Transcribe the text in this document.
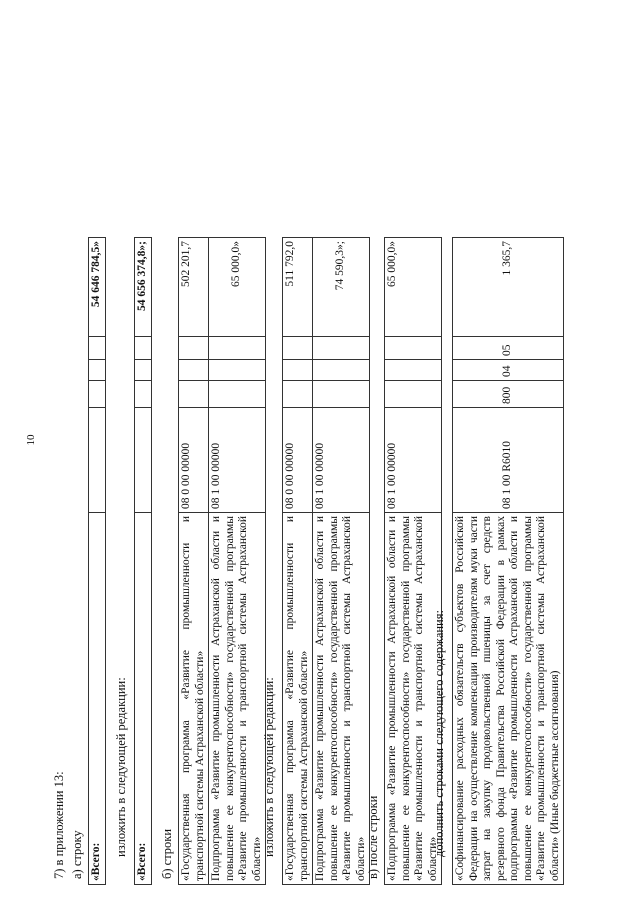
10
7) в приложении 13: а) строку «Всего:					54 646 784,5»
изложить в следующей редакции:
«Всего:					54 656 374,8»;
б) строки «Государственная программа «Развитие промышленности и транспортной системы Астраханской области»	08 0 00 00000				502 201,7
Подпрограмма «Развитие промышленности Астраханской области и повышение ее конкурентоспособности» государственной программы «Развитие промышленности и транспортной системы Астраханской области»	08 1 00 00000				65 000,0»
изложить в следующей редакции: «Государственная программа «Развитие промышленности и транспортной системы Астраханской области»	08 0 00 00000				511 792,0
Подпрограмма «Развитие промышленности Астраханской области и повышение ее конкурентоспособности» государственной программы «Развитие промышленности и транспортной системы Астраханской области»	08 1 00 00000				74 590,3»;
в) после строки «Подпрограмма «Развитие промышленности Астраханской области и повышение ее конкурентоспособности» государственной программы «Развитие промышленности и транспортной системы Астраханской области»	08 1 00 00000				65 000,0»
дополнить строками следующего содержания: «Софинансирование расходных обязательств субъектов Российской Федерации на осуществление компенсации производителям муки части затрат на закупку продовольственной пшеницы за счет средств резервного фонда Правительства Российской Федерации в рамках подпрограммы «Развитие промышленности Астраханской области и повышение ее конкурентоспособности» государственной программы «Развитие промышленности и транспортной системы Астраханской области» (Иные бюджетные ассигнования)	08 1 00 R6010	800	04	05	1 365,7
